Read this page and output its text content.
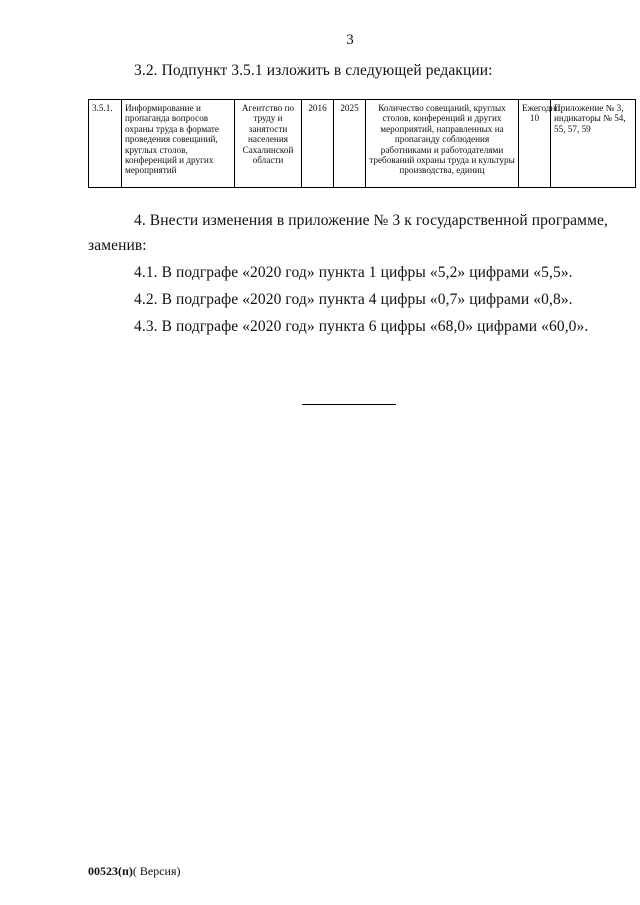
3
3.2. Подпункт 3.5.1 изложить в следующей редакции:
3.5.1.	Информирование и пропаганда вопросов охраны труда в формате проведения совещаний, круглых столов, конференций и других мероприятий	Агентство по труду и занятости населения Сахалинской области	2016	2025	Количество совещаний, круглых столов, конференций и других мероприятий, направленных на пропаганду соблюдения работниками и работодателями требований охраны труда и культуры производства, единиц	Ежегодно 10	Приложение № 3, индикаторы № 54, 55, 57, 59
4. Внести изменения в приложение № 3 к государственной программе,
заменив:
4.1. В подграфе «2020 год» пункта 1 цифры «5,2» цифрами «5,5».
4.2. В подграфе «2020 год» пункта 4 цифры «0,7» цифрами «0,8».
4.3. В подграфе «2020 год» пункта 6 цифры «68,0» цифрами «60,0».
00523(п)( Версия)
